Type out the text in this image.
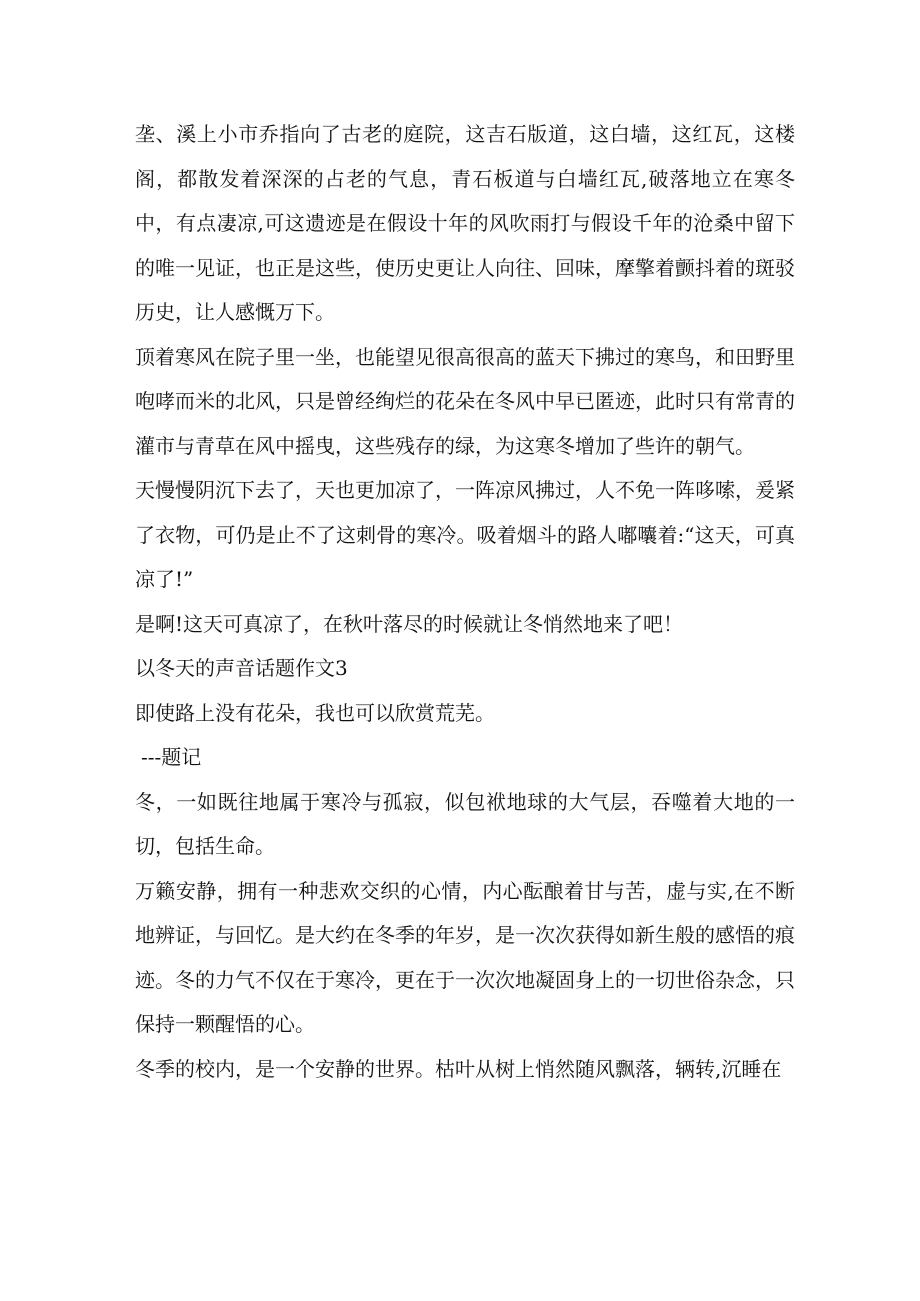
垄、溪上小市乔指向了古老的庭院，这吉石版道，这白墙，这红瓦，这楼阁，都散发着深深的占老的气息，青石板道与白墙红瓦,破落地立在寒冬中，有点凄凉,可这遗迹是在假设十年的风吹雨打与假设千年的沧桑中留下的唯一见证，也正是这些，使历史更让人向往、回味，摩擎着颤抖着的斑驳历史，让人感慨万下。

顶着寒风在院子里一坐，也能望见很高很高的蓝天下拂过的寒鸟，和田野里咆哮而米的北风，只是曾经绚烂的花朵在冬风中早已匿迹，此时只有常青的灌市与青草在风中摇曳，这些残存的绿，为这寒冬增加了些许的朝气。

天慢慢阴沉下去了，天也更加凉了，一阵凉风拂过，人不免一阵哆嗦，爰紧了衣物，可仍是止不了这刺骨的寒冷。吸着烟斗的路人嘟囔着:“这天，可真凉了!”

是啊!这天可真凉了，在秋叶落尽的时候就让冬悄然地来了吧！

以冬天的声音话题作文3

即使路上没有花朵，我也可以欣赏荒芜。

---题记

冬，一如既往地属于寒冷与孤寂，似包袱地球的大气层，吞噬着大地的一切，包括生命。

万籁安静，拥有一种悲欢交织的心情，内心酝酿着甘与苦，虚与实,在不断地辨证，与回忆。是大约在冬季的年岁，是一次次获得如新生般的感悟的痕迹。冬的力气不仅在于寒冷，更在于一次次地凝固身上的一切世俗杂念，只保持一颗醒悟的心。

冬季的校内，是一个安静的世界。枯叶从树上悄然随风飘落，辆转,沉睡在
